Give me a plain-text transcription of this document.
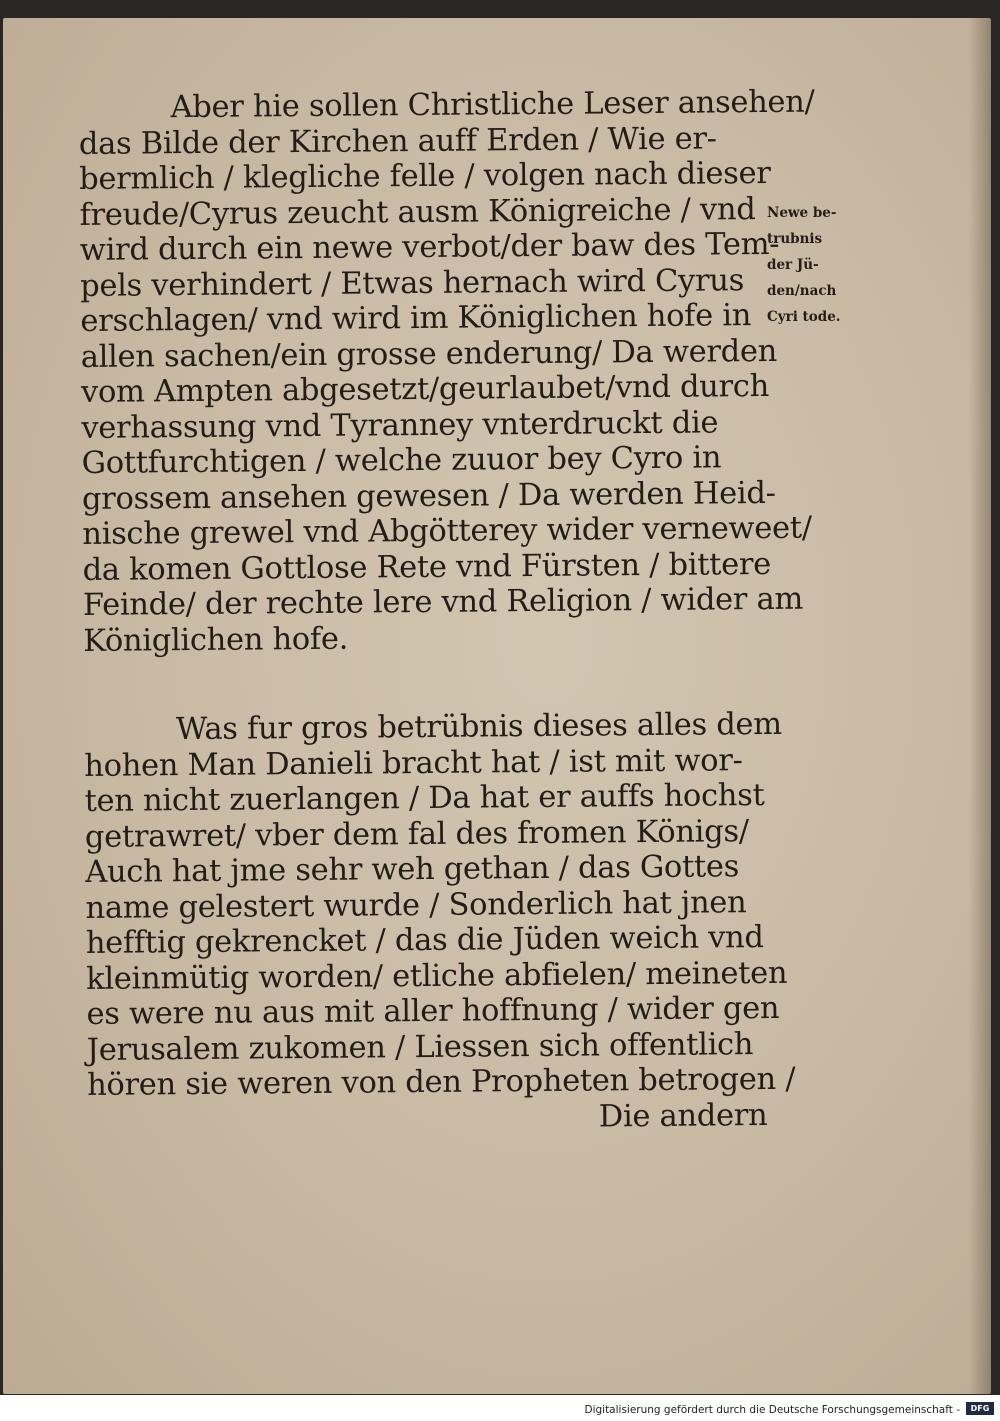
Aber hie sollen Christliche Leser ansehen/
das Bilde der Kirchen auff Erden / Wie er-
bermlich / klegliche felle / volgen nach dieser
freude/Cyrus zeucht ausm Königreiche / vnd
wird durch ein newe verbot/der baw des Tem-
pels verhindert / Etwas hernach wird Cyrus
erschlagen/ vnd wird im Königlichen hofe in
allen sachen/ein grosse enderung/ Da werden
vom Ampten abgesetzt/geurlaubet/vnd durch
verhassung vnd Tyranney vnterdruckt die
Gottfurchtigen / welche zuuor bey Cyro in
grossem ansehen gewesen / Da werden Heid-
nische grewel vnd Abgötterey wider verneweet/
da komen Gottlose Rete vnd Fürsten / bittere
Feinde/ der rechte lere vnd Religion / wider am
Königlichen hofe.
Was fur gros betrübnis dieses alles dem
hohen Man Danieli bracht hat / ist mit wor-
ten nicht zuerlangen / Da hat er auffs hochst
getrawret/ vber dem fal des fromen Königs/
Auch hat jme sehr weh gethan / das Gottes
name gelestert wurde / Sonderlich hat jnen
hefftig gekrencket / das die Jüden weich vnd
kleinmütig worden/ etliche abfielen/ meineten
es were nu aus mit aller hoffnung / wider gen
Jerusalem zukomen / Liessen sich offentlich
hören sie weren von den Propheten betrogen /
Die andern
Newe be-
trubnis
der Jü-
den/nach
Cyri tode.
Digitalisierung gefördert durch die Deutsche Forschungsgemeinschaft -	DFG
